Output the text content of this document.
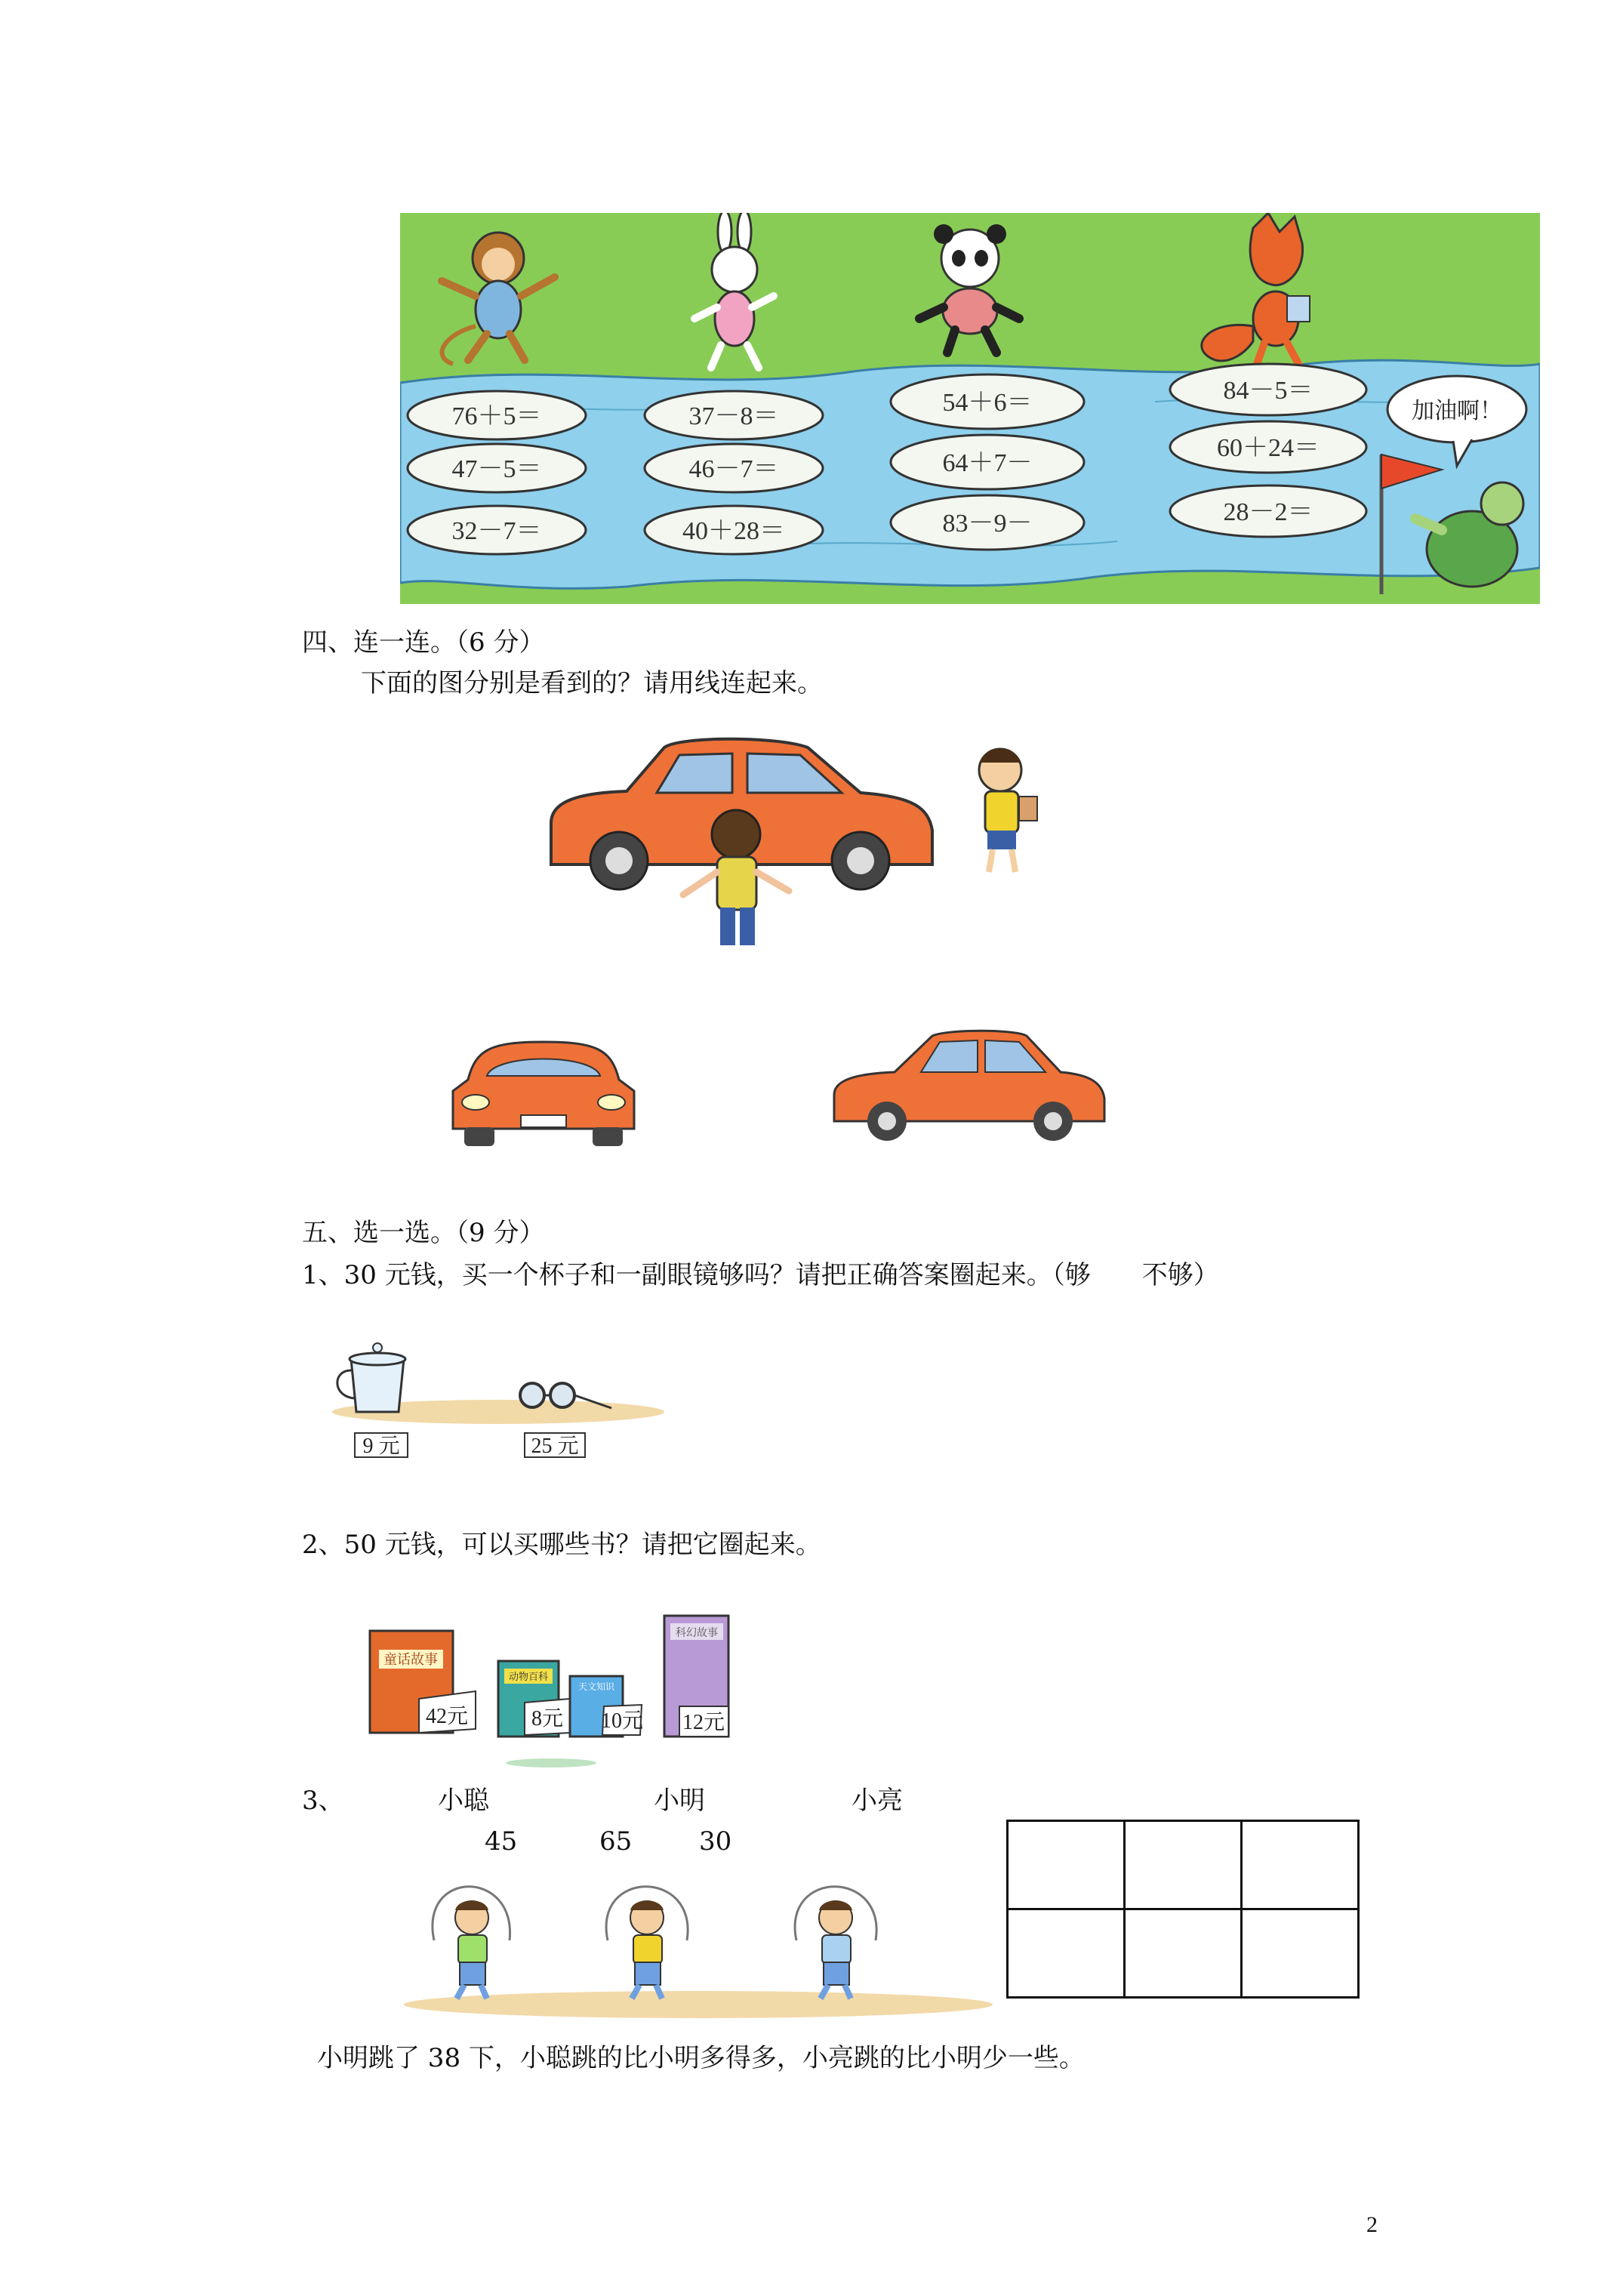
76＋5＝
47－5＝
32－7＝
37－8＝
46－7＝
40＋28＝
54＋6＝
64＋7－
83－9－
84－5＝
60＋24＝
28－2＝
加油啊！
四、连一连。（6 分）
下面的图分别是看到的？请用线连起来。
五、选一选。（9 分）
1、30 元钱，买一个杯子和一副眼镜够吗？请把正确答案圈起来。（够　　不够）
9 元	25 元
2、50 元钱，可以买哪些书？请把它圈起来。
童话故事
42元
动物百科
8元
天文知识
10元
科幻故事
12元
3、	小聪	小明	小亮
45	65	30

小明跳了 38 下，小聪跳的比小明多得多，小亮跳的比小明少一些。
2
